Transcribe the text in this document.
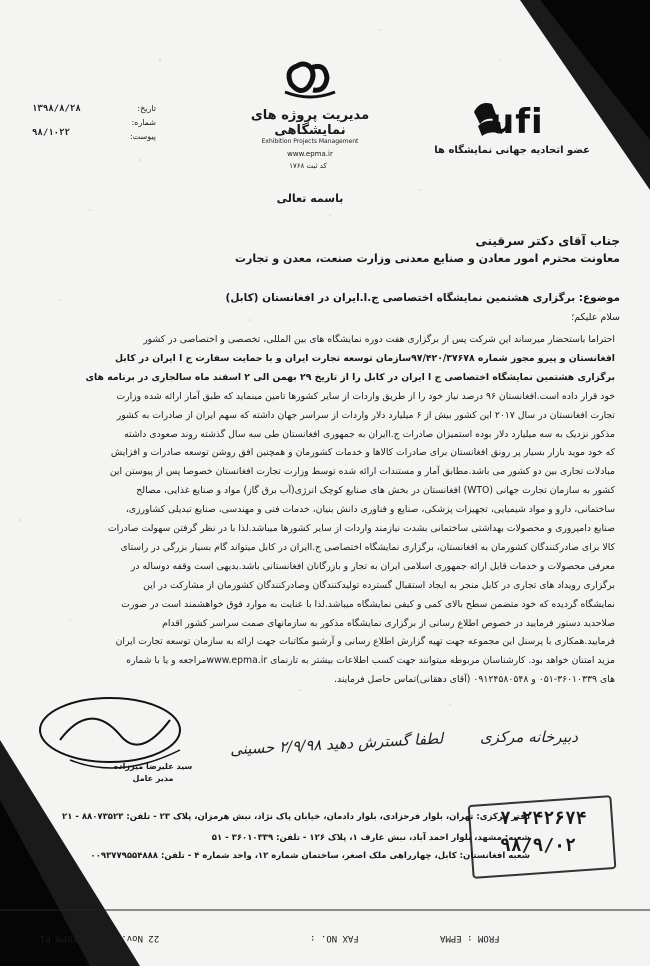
ufi
عضو اتحادیه جهانی نمایشگاه ها
مدیریت پروژه های نمایشگاهی
Exhibition Projects Management
www.epma.ir
کد ثبت ۱۷۶۸
۱۳۹۸/۸/۲۸	تاریخ:
۹۸/۱۰۲۲
شماره:
پیوست:
باسمه تعالی
جناب آقای دکتر سرقینی
معاونت محترم امور معادن و صنایع معدنی وزارت صنعت، معدن و تجارت
موضوع: برگزاری هشتمین نمایشگاه اختصاصی ج.ا.ایران در افغانستان (کابل)
سلام علیکم؛
احتراما باستحضار میرساند این شرکت پس از برگزاری هفت دوره نمایشگاه های بین المللی، تخصصی و اختصاصی در کشور
افغانستان و پیرو مجوز شماره ۹۷/۴۲۰/۳۷۶۷۸سازمان توسعه تجارت ایران و با حمایت سفارت ج ا ایران در کابل
برگزاری هشتمین نمایشگاه اختصاصی ج ا ایران در کابل را از تاریخ ۲۹ بهمن الی ۲ اسفند ماه سالجاری در برنامه های
خود قرار داده است.افغانستان ۹۶ درصد نیاز خود را از طریق واردات از سایر کشورها تامین مینماید که طبق آمار ارائه شده وزارت
تجارت افغانستان در سال ۲۰۱۷ این کشور بیش از ۶ میلیارد دلار واردات از سراسر جهان داشته که سهم ایران از صادرات به کشور
مذکور نزدیک به سه میلیارد دلار بوده استمیزان صادرات ج.اایران به جمهوری افغانستان طی سه سال گذشته روند صعودی داشته
که خود موید بازار بسیار پر رونق افغانستان برای صادرات کالاها و خدمات کشورمان و همچنین افق روشن توسعه صادرات و افزایش
مبادلات تجاری بین دو کشور می باشد.مطابق آمار و مستندات ارائه شده توسط وزارت تجارت افغانستان خصوصا پس از پیوستن این
کشور به سازمان تجارت جهانی (WTO) افغانستان در بخش های صنایع کوچک انرژی(آب برق گاز) مواد و صنایع غذایی، مصالح
ساختمانی، دارو و مواد شیمیایی، تجهیزات پزشکی، صنایع و فناوری دانش بنیان، خدمات فنی و مهندسی، صنایع تبدیلی کشاورزی،
صنایع دامپروری و محصولات بهداشتی ساختمانی بشدت نیازمند واردات از سایر کشورها میباشد.لذا با در نظر گرفتن سهولت صادرات
کالا برای صادرکنندگان کشورمان به افغانستان، برگزاری نمایشگاه اختصاصی ج.اایران در کابل میتواند گام بسیار بزرگی در راستای
معرفی محصولات و خدمات قابل ارائه جمهوری اسلامی ایران به تجار و بازرگانان افغانستانی باشد.بدیهی است وقفه دوساله در
برگزاری رویداد های تجاری در کابل منجر به ایجاد استقبال گسترده تولیدکنندگان وصادرکنندگان کشورمان از مشارکت در این
نمایشگاه گردیده که خود متضمن سطح بالای کمی و کیفی نمایشگاه میباشد.لذا با عنایت به موارد فوق خواهشمند است در صورت
صلاحدید دستور فرمایید در خصوص اطلاع رسانی از برگزاری نمایشگاه مذکور به سازمانهای صمت سراسر کشور اقدام
فرمایید.همکاری با پرسنل این مجموعه جهت تهیه گزارش اطلاع رسانی و آرشیو مکاتبات جهت ارائه به سازمان توسعه تجارت ایران
مزید امتنان خواهد بود. کارشناسان مربوطه میتوانند جهت کسب اطلاعات بیشتر به تارنمای www.epma.irمراجعه و یا با شماره
های ۳۶۰۱۰۳۳۹-۰۵۱ و ۰۹۱۲۴۵۸۰۵۴۸ (آقای دهقانی)تماس حاصل فرمایند.
سید علیرضا میرزاده
مدیر عامل
دبیرخانه مرکزی
لطفا گسترش دهید ۲/۹/۹۸ حسینی
۷۰۲۴۲۶۷۴
۹۸/۹/۰۲
دفتر مرکزی: تهران، بلوار فرحزادی، بلوار دادمان، خیابان پاک نژاد، نبش هرمزان، پلاک ۲۳ - تلفن: ۸۸۰۷۳۵۲۳ - ۲۱
شعبه: مشهد، بلوار احمد آباد، نبش عارف ۱، پلاک ۱۲۶ - تلفن: ۳۶۰۱۰۳۳۹ - ۵۱
شعبه افغانستان: کابل، چهارراهی ملک اصغر، ساختمان شماره ۱۲، واحد شماره ۴ - تلفن: ۰۰۹۳۷۷۹۵۵۴۸۸۸
FROM : EPMA
FAX NO. :
22 Nov. 2019 9:18PM P1
